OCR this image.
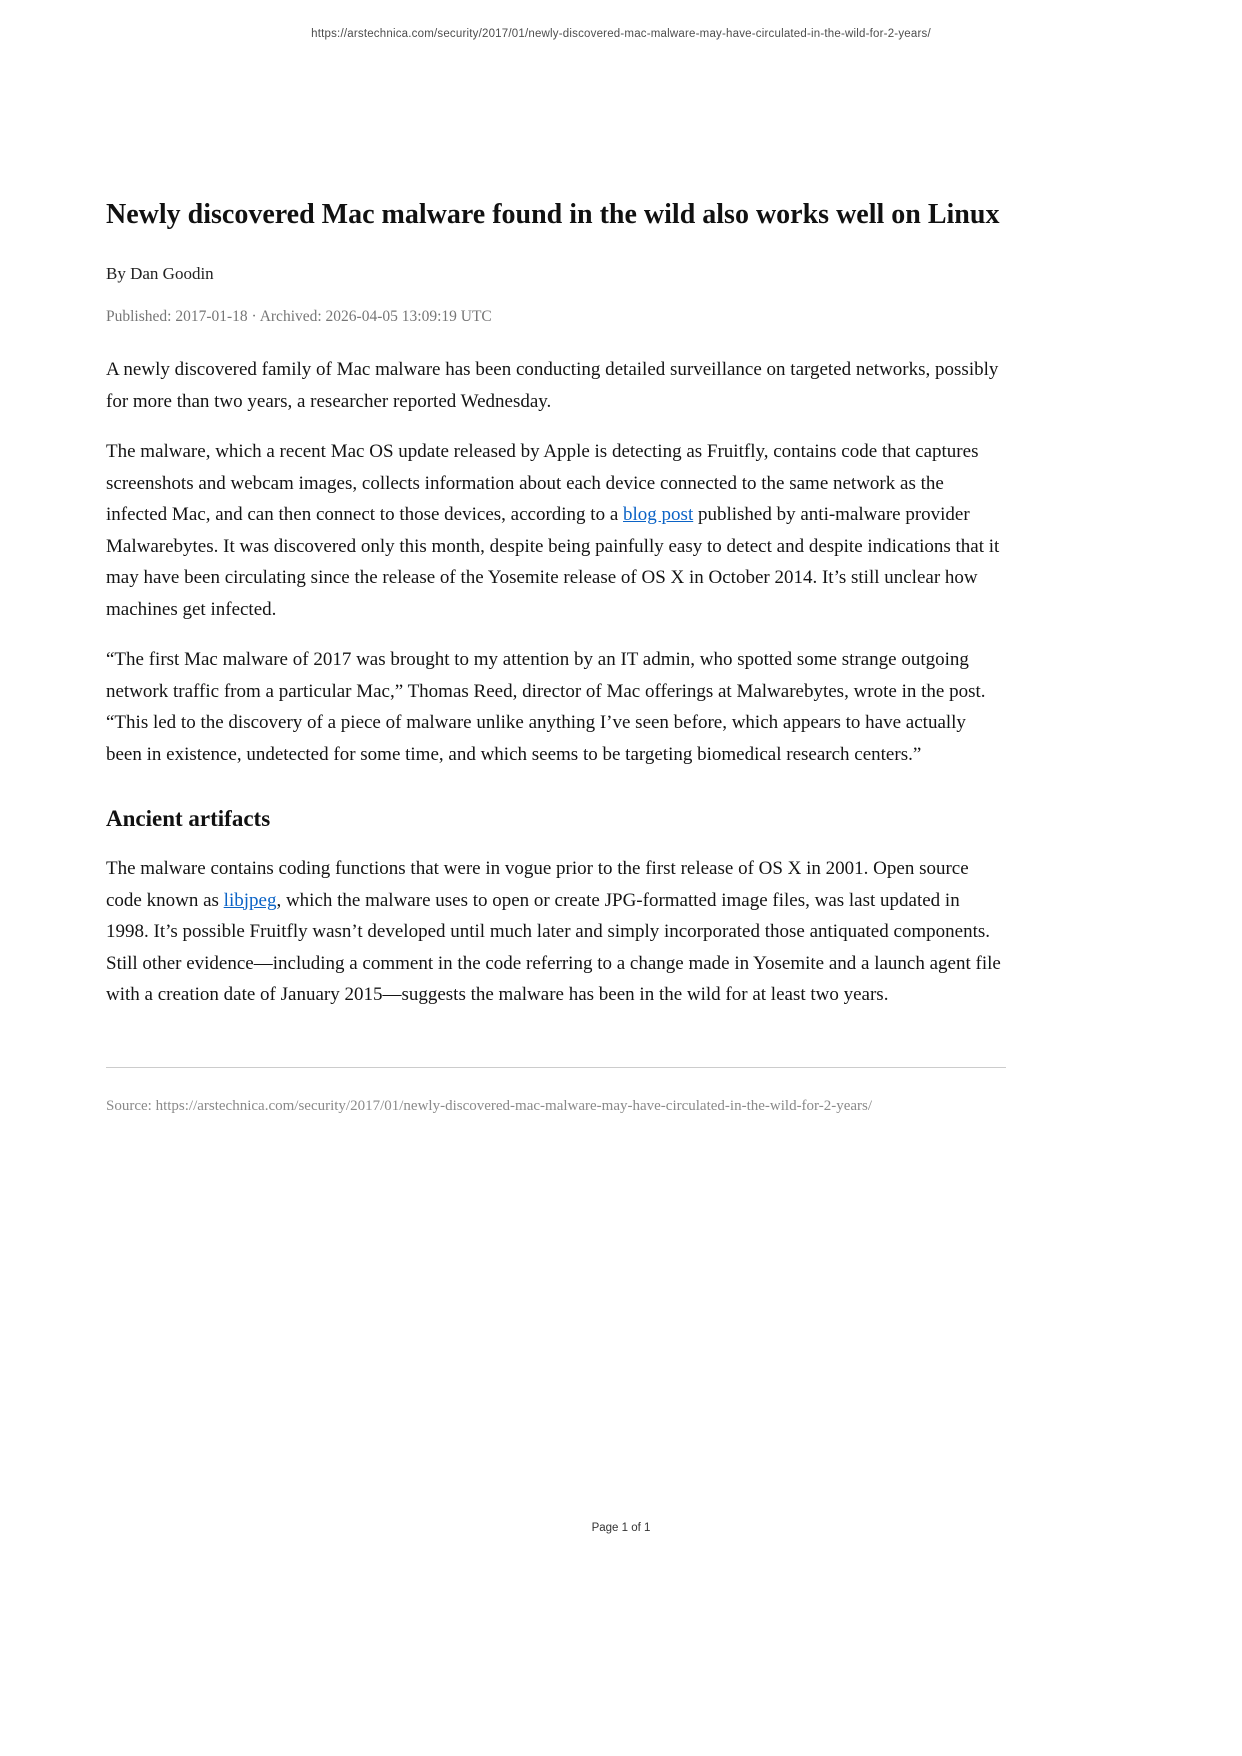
https://arstechnica.com/security/2017/01/newly-discovered-mac-malware-may-have-circulated-in-the-wild-for-2-years/
Newly discovered Mac malware found in the wild also works well on Linux

By Dan Goodin

Published: 2017-01-18 · Archived: 2026-04-05 13:09:19 UTC

A newly discovered family of Mac malware has been conducting detailed surveillance on targeted networks, possibly for more than two years, a researcher reported Wednesday.

The malware, which a recent Mac OS update released by Apple is detecting as Fruitfly, contains code that captures screenshots and webcam images, collects information about each device connected to the same network as the infected Mac, and can then connect to those devices, according to a blog post published by anti-malware provider Malwarebytes. It was discovered only this month, despite being painfully easy to detect and despite indications that it may have been circulating since the release of the Yosemite release of OS X in October 2014. It’s still unclear how machines get infected.

“The first Mac malware of 2017 was brought to my attention by an IT admin, who spotted some strange outgoing network traffic from a particular Mac,” Thomas Reed, director of Mac offerings at Malwarebytes, wrote in the post. “This led to the discovery of a piece of malware unlike anything I’ve seen before, which appears to have actually been in existence, undetected for some time, and which seems to be targeting biomedical research centers.”

Ancient artifacts

The malware contains coding functions that were in vogue prior to the first release of OS X in 2001. Open source code known as libjpeg, which the malware uses to open or create JPG-formatted image files, was last updated in 1998. It’s possible Fruitfly wasn’t developed until much later and simply incorporated those antiquated components. Still other evidence—including a comment in the code referring to a change made in Yosemite and a launch agent file with a creation date of January 2015—suggests the malware has been in the wild for at least two years.

Source: https://arstechnica.com/security/2017/01/newly-discovered-mac-malware-may-have-circulated-in-the-wild-for-2-years/

Page 1 of 1
